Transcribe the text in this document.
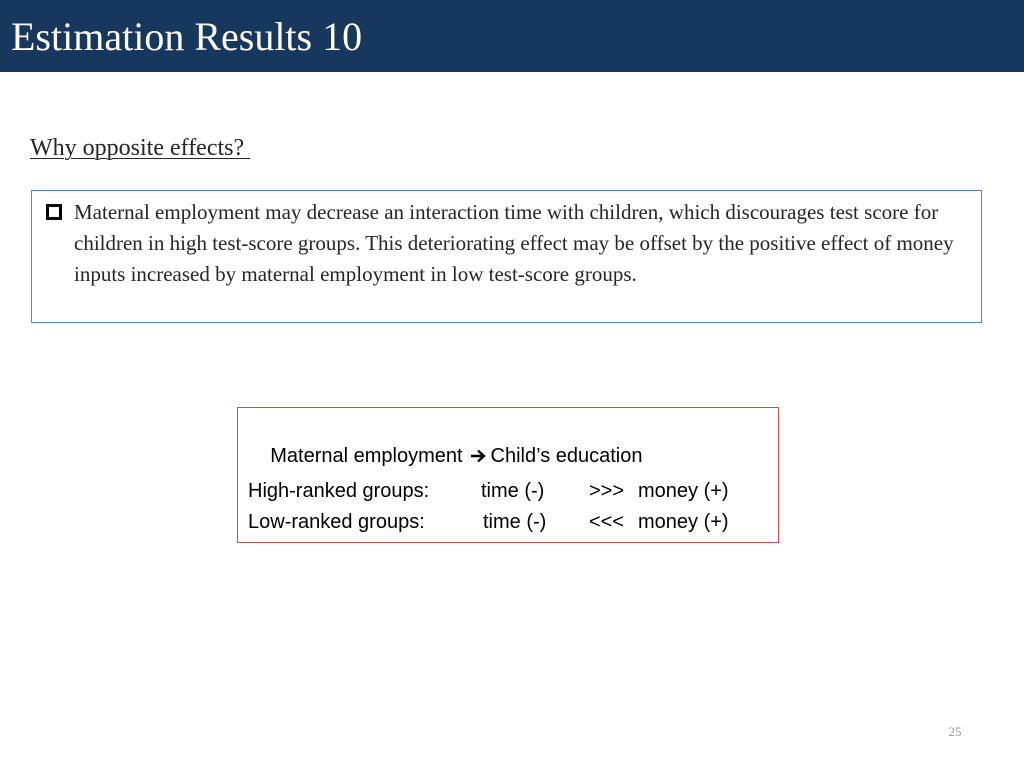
Estimation Results 10
Why opposite effects?

Maternal employment may decrease an interaction time with children, which discourages test score for children in high test-score groups. This deteriorating effect may be offset by the positive effect of money inputs increased by maternal employment in low test-score groups.

Maternal employment Child’s education

High-ranked groups:

	time (-)

>>>

money (+)

Low-ranked groups:

	time (-)

<<<

money (+)

25
